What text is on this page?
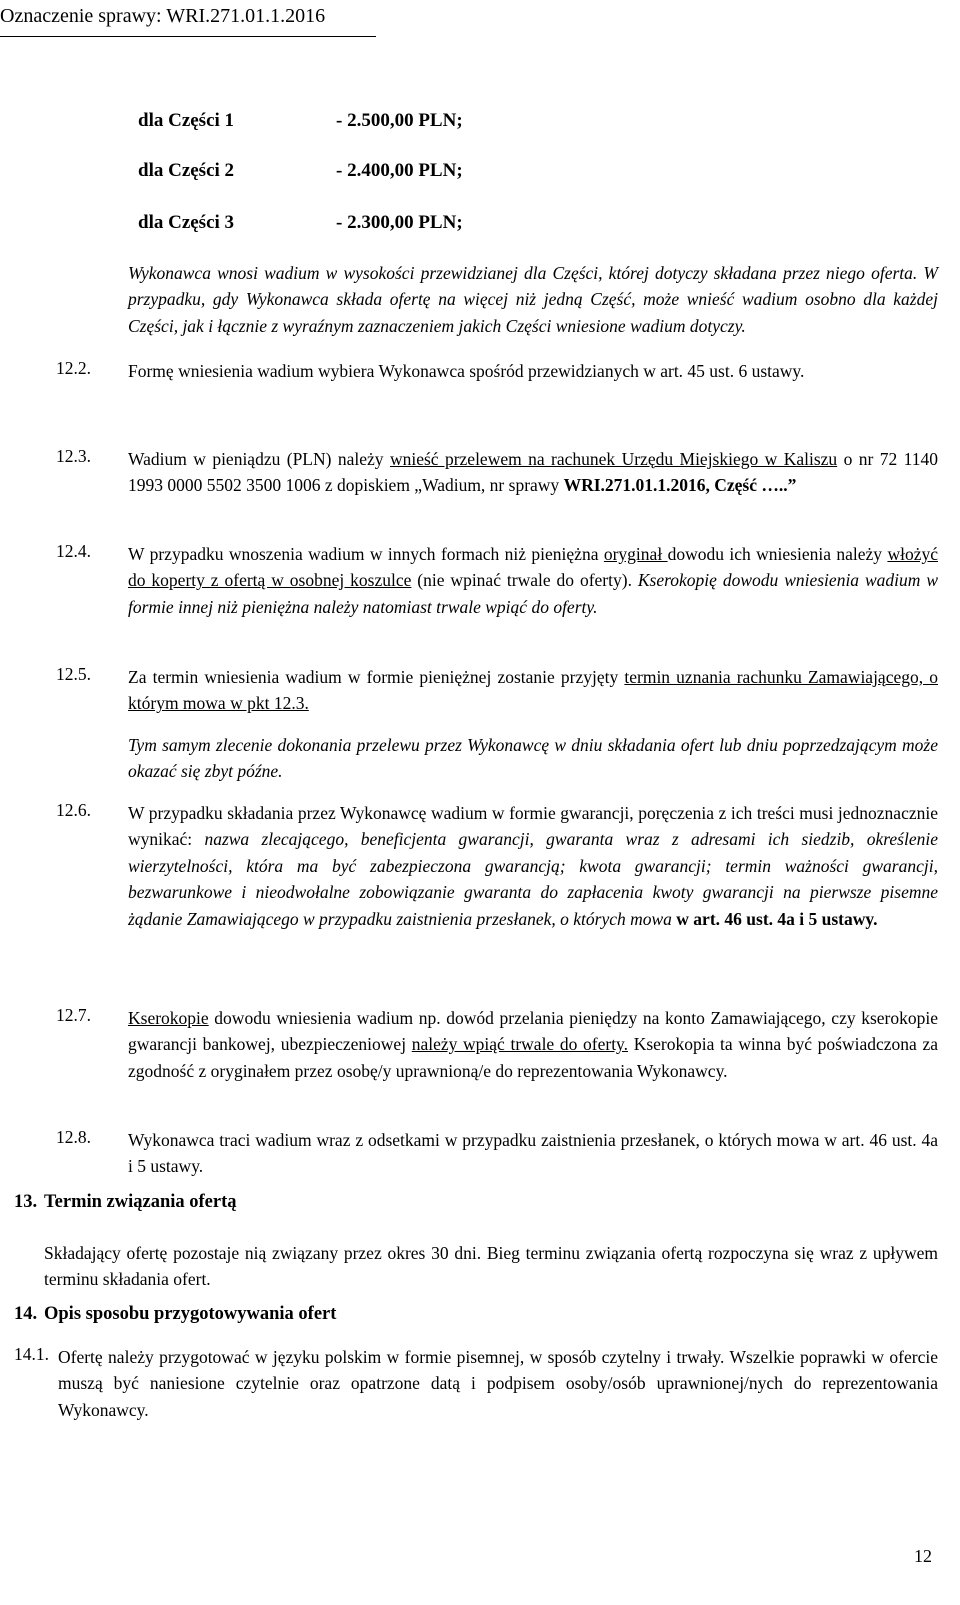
Oznaczenie sprawy: WRI.271.01.1.2016
dla Części 1	- 2.500,00 PLN;
dla Części 2	- 2.400,00 PLN;
dla Części 3	- 2.300,00 PLN;

Wykonawca wnosi wadium w wysokości przewidzianej dla Części, której dotyczy składana przez niego oferta. W przypadku, gdy Wykonawca składa ofertę na więcej niż jedną Część, może wnieść wadium osobno dla każdej Części, jak i łącznie z wyraźnym zaznaczeniem jakich Części wniesione wadium dotyczy.

12.2. Formę wniesienia wadium wybiera Wykonawca spośród przewidzianych w art. 45 ust. 6 ustawy.

12.3. Wadium w pieniądzu (PLN) należy wnieść przelewem na rachunek Urzędu Miejskiego w Kaliszu o nr 72 1140 1993 0000 5502 3500 1006 z dopiskiem „Wadium, nr sprawy WRI.271.01.1.2016, Część …..”

12.4. W przypadku wnoszenia wadium w innych formach niż pieniężna oryginał dowodu ich wniesienia należy włożyć do koperty z ofertą w osobnej koszulce (nie wpinać trwale do oferty). Kserokopię dowodu wniesienia wadium w formie innej niż pieniężna należy natomiast trwale wpiąć do oferty.

12.5. Za termin wniesienia wadium w formie pieniężnej zostanie przyjęty termin uznania rachunku Zamawiającego, o którym mowa w pkt 12.3.

Tym samym zlecenie dokonania przelewu przez Wykonawcę w dniu składania ofert lub dniu poprzedzającym może okazać się zbyt późne.

12.6. W przypadku składania przez Wykonawcę wadium w formie gwarancji, poręczenia z ich treści musi jednoznacznie wynikać: nazwa zlecającego, beneficjenta gwarancji, gwaranta wraz z adresami ich siedzib, określenie wierzytelności, która ma być zabezpieczona gwarancją; kwota gwarancji; termin ważności gwarancji, bezwarunkowe i nieodwołalne zobowiązanie gwaranta do zapłacenia kwoty gwarancji na pierwsze pisemne żądanie Zamawiającego w przypadku zaistnienia przesłanek, o których mowa w art. 46 ust. 4a i 5 ustawy.

12.7. Kserokopie dowodu wniesienia wadium np. dowód przelania pieniędzy na konto Zamawiającego, czy kserokopie gwarancji bankowej, ubezpieczeniowej należy wpiąć trwale do oferty. Kserokopia ta winna być poświadczona za zgodność z oryginałem przez osobę/y uprawnioną/e do reprezentowania Wykonawcy.

12.8. Wykonawca traci wadium wraz z odsetkami w przypadku zaistnienia przesłanek, o których mowa w art. 46 ust. 4a i 5 ustawy.

13. Termin związania ofertą

Składający ofertę pozostaje nią związany przez okres 30 dni. Bieg terminu związania ofertą rozpoczyna się wraz z upływem terminu składania ofert.

14. Opis sposobu przygotowywania ofert
14.1. Ofertę należy przygotować w języku polskim w formie pisemnej, w sposób czytelny i trwały. Wszelkie poprawki w ofercie muszą być naniesione czytelnie oraz opatrzone datą i podpisem osoby/osób uprawnionej/nych do reprezentowania Wykonawcy.

12
